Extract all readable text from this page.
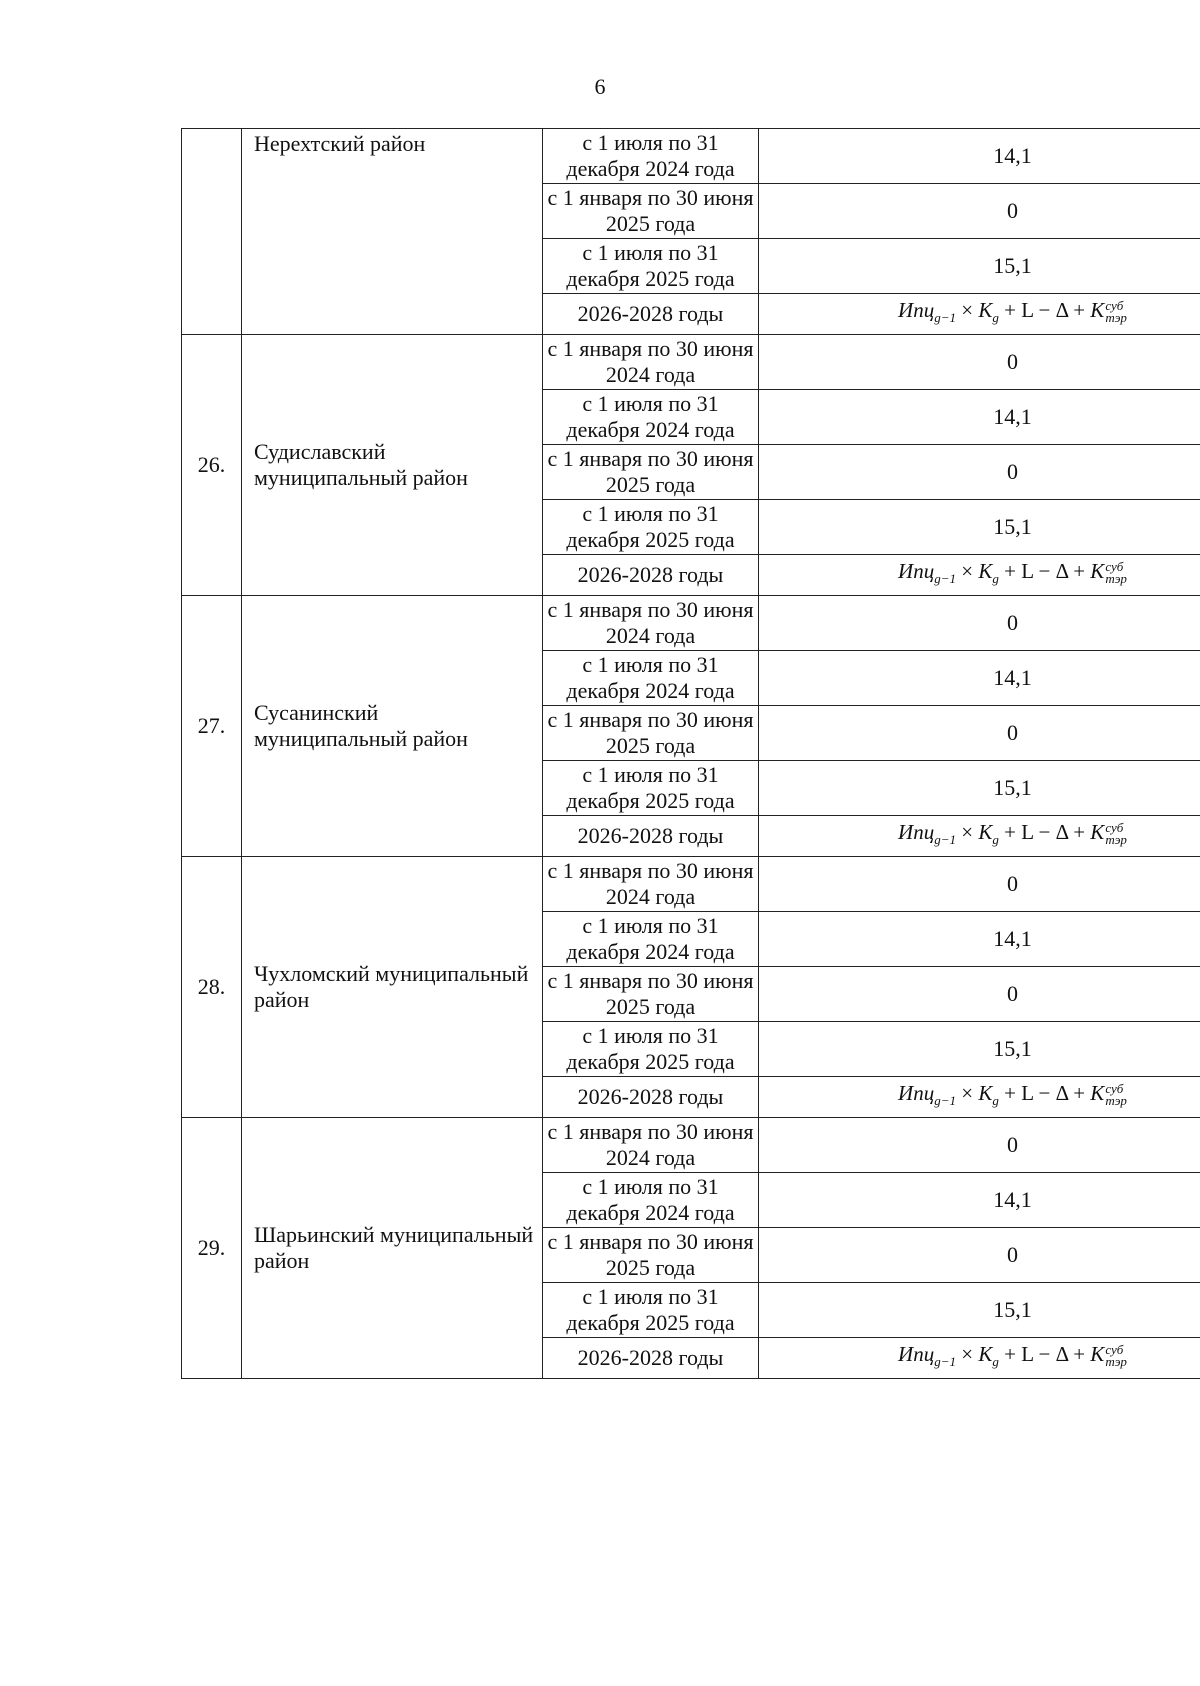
6
	Нерехтский район	с 1 июля по 31 декабря 2024 года	14,1
		с 1 января по 30 июня 2025 года	0
		с 1 июля по 31 декабря 2025 года	15,1
		2026-2028 годы	$Ипц_{g-1} \times K_g + L - \Delta + K$ суб
тэр

26.	Судиславский муниципальный район	с 1 января по 30 июня 2024 года	0
		с 1 июля по 31 декабря 2024 года	14,1
		с 1 января по 30 июня 2025 года	0
		с 1 июля по 31 декабря 2025 года	15,1
		2026-2028 годы	$Ипц_{g-1} \times K_g + L - \Delta + K$ суб
тэр

27.	Сусанинский муниципальный район	с 1 января по 30 июня 2024 года	0
		с 1 июля по 31 декабря 2024 года	14,1
		с 1 января по 30 июня 2025 года	0
		с 1 июля по 31 декабря 2025 года	15,1
		2026-2028 годы	$Ипц_{g-1} \times K_g + L - \Delta + K$ суб
тэр

28.	Чухломский муниципальный район	с 1 января по 30 июня 2024 года	0
		с 1 июля по 31 декабря 2024 года	14,1
		с 1 января по 30 июня 2025 года	0
		с 1 июля по 31 декабря 2025 года	15,1
		2026-2028 годы	$Ипц_{g-1} \times K_g + L - \Delta + K$ суб
тэр

29.	Шарьинский муниципальный район	с 1 января по 30 июня 2024 года	0
		с 1 июля по 31 декабря 2024 года	14,1
		с 1 января по 30 июня 2025 года	0
		с 1 июля по 31 декабря 2025 года	15,1
		2026-2028 годы	$Ипц_{g-1} \times K_g + L - \Delta + K$ суб
тэр
